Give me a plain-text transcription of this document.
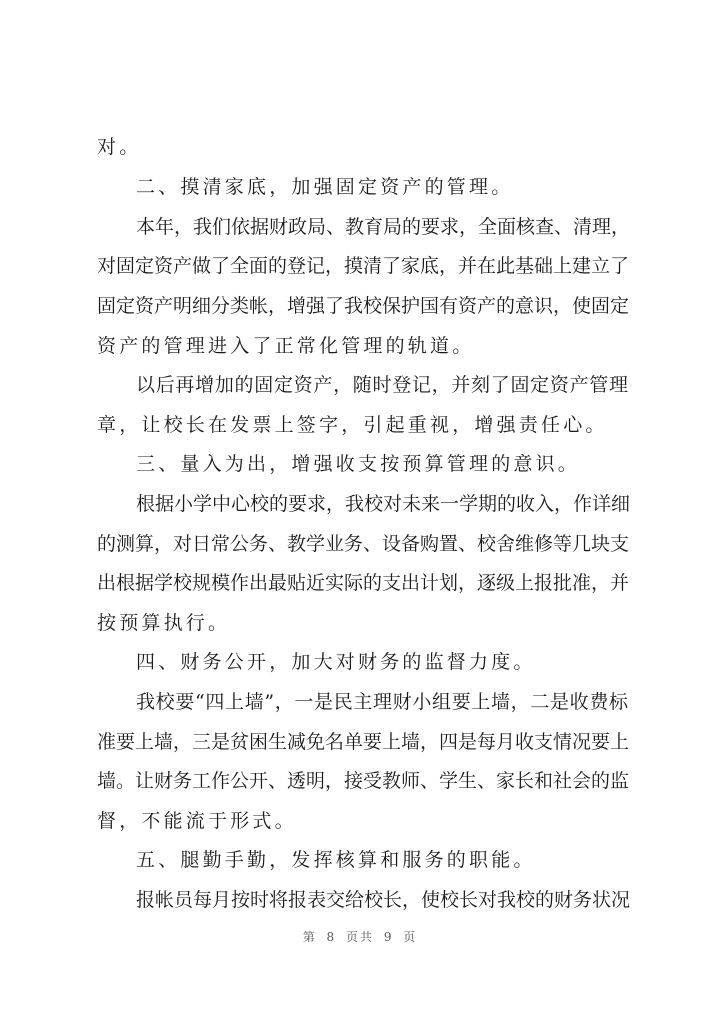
对。
二、摸清家底，加强固定资产的管理。
本年，我们依据财政局、教育局的要求，全面核查、清理，
对固定资产做了全面的登记，摸清了家底，并在此基础上建立了
固定资产明细分类帐，增强了我校保护国有资产的意识，使固定
资产的管理进入了正常化管理的轨道。
以后再增加的固定资产，随时登记，并刻了固定资产管理
章，让校长在发票上签字，引起重视，增强责任心。
三、量入为出，增强收支按预算管理的意识。
根据小学中心校的要求，我校对未来一学期的收入，作详细
的测算，对日常公务、教学业务、设备购置、校舍维修等几块支
出根据学校规模作出最贴近实际的支出计划，逐级上报批准，并
按预算执行。
四、财务公开，加大对财务的监督力度。
我校要“四上墙”，一是民主理财小组要上墙，二是收费标
准要上墙，三是贫困生减免名单要上墙，四是每月收支情况要上
墙。让财务工作公开、透明，接受教师、学生、家长和社会的监
督，不能流于形式。
五、腿勤手勤，发挥核算和服务的职能。
报帐员每月按时将报表交给校长，使校长对我校的财务状况
第 8 页共 9 页
